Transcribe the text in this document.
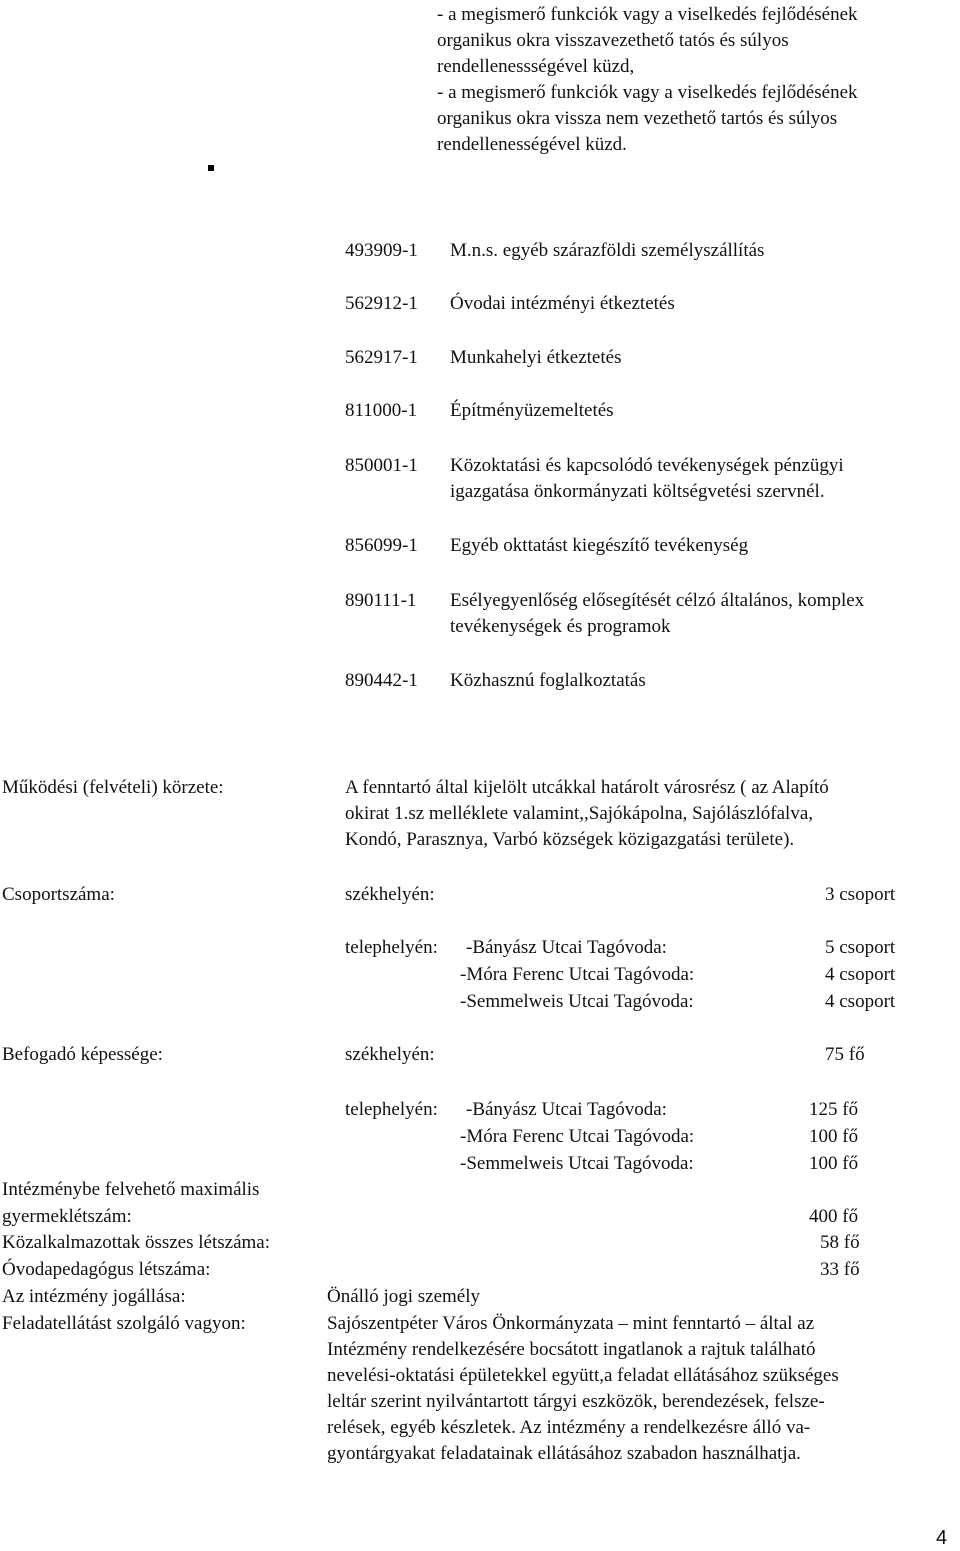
- a megismerő funkciók vagy a viselkedés fejlődésének
organikus okra visszavezethető tatós és súlyos
rendellenessségével küzd,
- a megismerő funkciók vagy a viselkedés fejlődésének
organikus okra vissza nem vezethető tartós és súlyos
rendellenességével küzd.
493909-1 M.n.s. egyéb szárazföldi személyszállítás
562912-1 Óvodai intézményi étkeztetés
562917-1 Munkahelyi étkeztetés
811000-1 Építményüzemeltetés
850001-1 Közoktatási és kapcsolódó tevékenységek pénzügyi
igazgatása önkormányzati költségvetési szervnél.
856099-1 Egyéb okttatást kiegészítő tevékenység
890111-1 Esélyegyenlőség elősegítését célzó általános, komplex
tevékenységek és programok
890442-1 Közhasznú foglalkoztatás
Működési (felvételi) körzete:	A fenntartó által kijelölt utcákkal határolt városrész ( az Alapító
okirat 1.sz melléklete valamint,,Sajókápolna, Sajólászlófalva,
Kondó, Parasznya, Varbó községek közigazgatási területe).
Csoportszáma:	székhelyén:	3 csoport
telephelyén: -Bányász Utcai Tagóvoda:	5 csoport
-Móra Ferenc Utcai Tagóvoda:	4 csoport
-Semmelweis Utcai Tagóvoda:	4 csoport
Befogadó képessége:	székhelyén:	75 fő
telephelyén: -Bányász Utcai Tagóvoda:	125 fő
-Móra Ferenc Utcai Tagóvoda:	100 fő
-Semmelweis Utcai Tagóvoda:	100 fő
Intézménybe felvehető maximális
gyermeklétszám:	400 fő
Közalkalmazottak összes létszáma:	58 fő
Óvodapedagógus létszáma:	33 fő
Az intézmény jogállása:	Önálló jogi személy
Feladatellátást szolgáló vagyon:	Sajószentpéter Város Önkormányzata – mint fenntartó – által az
Intézmény rendelkezésére bocsátott ingatlanok a rajtuk található
nevelési-oktatási épületekkel együtt,a feladat ellátásához szükséges
leltár szerint nyilvántartott tárgyi eszközök, berendezések, felsze-
relések, egyéb készletek. Az intézmény a rendelkezésre álló va-
gyontárgyakat feladatainak ellátásához szabadon használhatja.
4
